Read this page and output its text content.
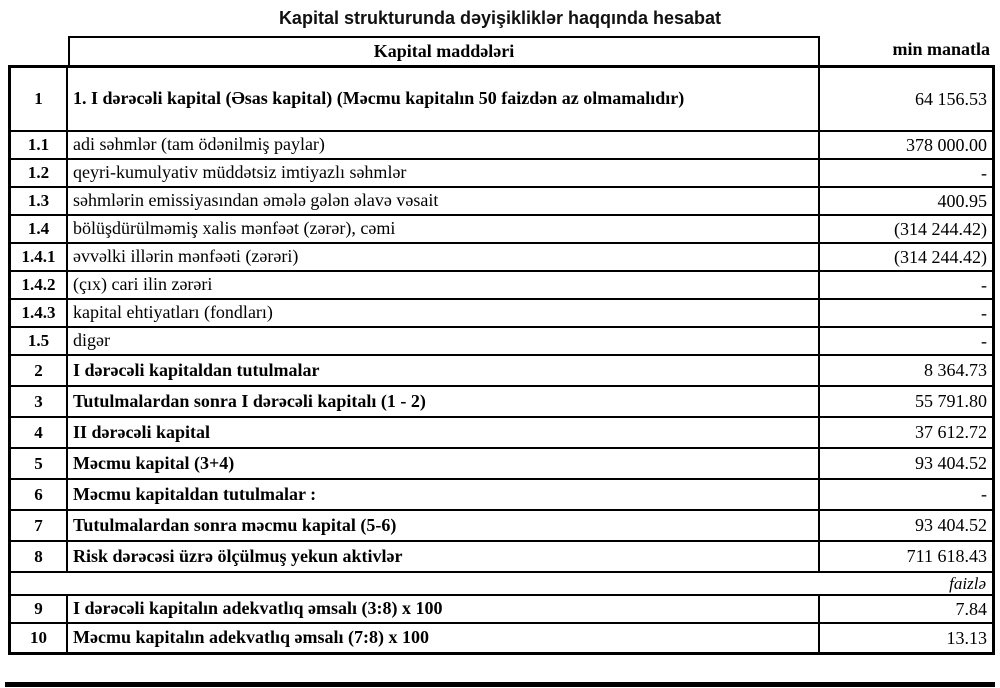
Kapital strukturunda dəyişikliklər haqqında hesabat
Kapital maddələri	min manatla
1	1. I dərəcəli kapital (Əsas kapital) (Məcmu kapitalın 50 faizdən az olmamalıdır)	64 156.53
1.1	adi səhmlər (tam ödənilmiş paylar)	378 000.00
1.2	qeyri-kumulyativ müddətsiz imtiyazlı səhmlər	-
1.3	səhmlərin emissiyasından əmələ gələn əlavə vəsait	400.95
1.4	bölüşdürülməmiş xalis mənfəət (zərər), cəmi	(314 244.42)
1.4.1 əvvəlki illərin mənfəəti (zərəri)	(314 244.42)
1.4.2 (çıx) cari ilin zərəri	-
1.4.3 kapital ehtiyatları (fondları)	-
1.5	digər	-
2	I dərəcəli kapitaldan tutulmalar	8 364.73
3	Tutulmalardan sonra I dərəcəli kapitalı (1 - 2)	55 791.80
4	II dərəcəli kapital	37 612.72
5	Məcmu kapital (3+4)	93 404.52
6	Məcmu kapitaldan tutulmalar :	-
7	Tutulmalardan sonra məcmu kapital (5-6)	93 404.52
8	Risk dərəcəsi üzrə ölçülmuş yekun aktivlər	711 618.43
faizlə
9	I dərəcəli kapitalın adekvatlıq əmsalı (3:8) x 100	7.84
10	Məcmu kapitalın adekvatlıq əmsalı (7:8) x 100	13.13
